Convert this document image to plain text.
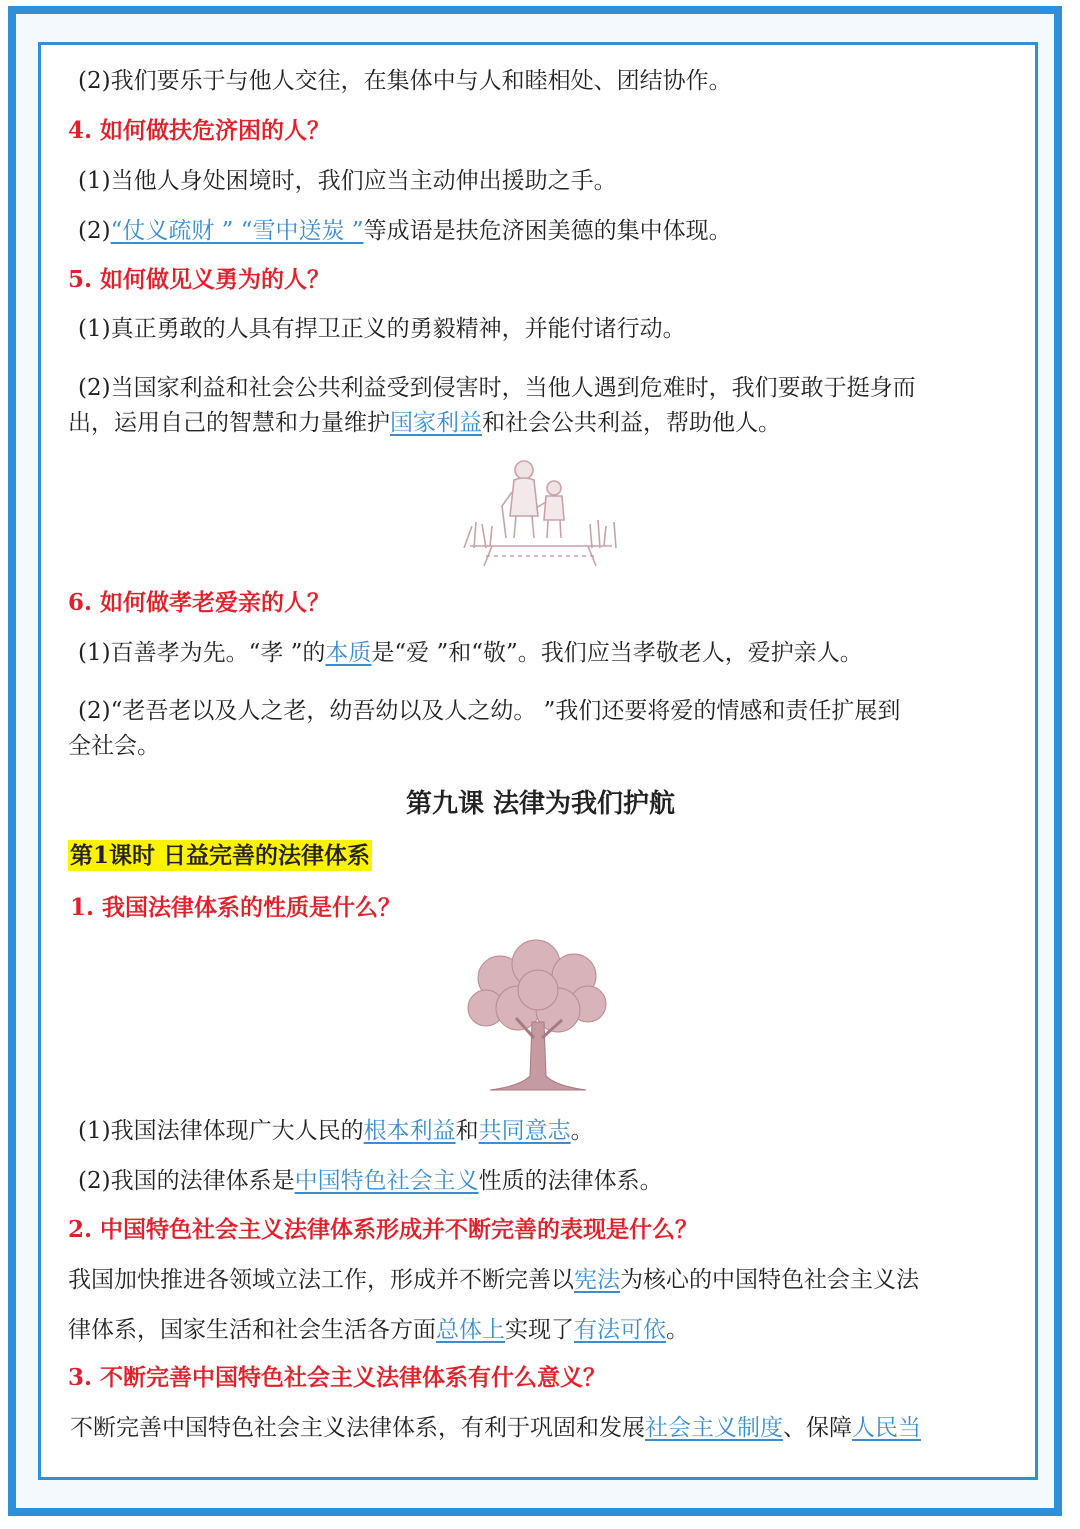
(2)我们要乐于与他人交往，在集体中与人和睦相处、团结协作。
4. 如何做扶危济困的人？
(1)当他人身处困境时，我们应当主动伸出援助之手。
(2)“仗义疏财 ” “雪中送炭 ”等成语是扶危济困美德的集中体现。
5. 如何做见义勇为的人？
(1)真正勇敢的人具有捍卫正义的勇毅精神，并能付诸行动。
(2)当国家利益和社会公共利益受到侵害时，当他人遇到危难时，我们要敢于挺身而
出，运用自己的智慧和力量维护国家利益和社会公共利益，帮助他人。
6. 如何做孝老爱亲的人？
(1)百善孝为先。“孝 ”的本质是“爱 ”和“敬”。我们应当孝敬老人，爱护亲人。
(2)“老吾老以及人之老，幼吾幼以及人之幼。 ”我们还要将爱的情感和责任扩展到
全社会。
第九课 法律为我们护航
第1课时 日益完善的法律体系
1. 我国法律体系的性质是什么？
(1)我国法律体现广大人民的根本利益和共同意志。
(2)我国的法律体系是中国特色社会主义性质的法律体系。
2. 中国特色社会主义法律体系形成并不断完善的表现是什么？
我国加快推进各领域立法工作，形成并不断完善以宪法为核心的中国特色社会主义法
律体系，国家生活和社会生活各方面总体上实现了有法可依。
3. 不断完善中国特色社会主义法律体系有什么意义？
不断完善中国特色社会主义法律体系，有利于巩固和发展社会主义制度、保障人民当
